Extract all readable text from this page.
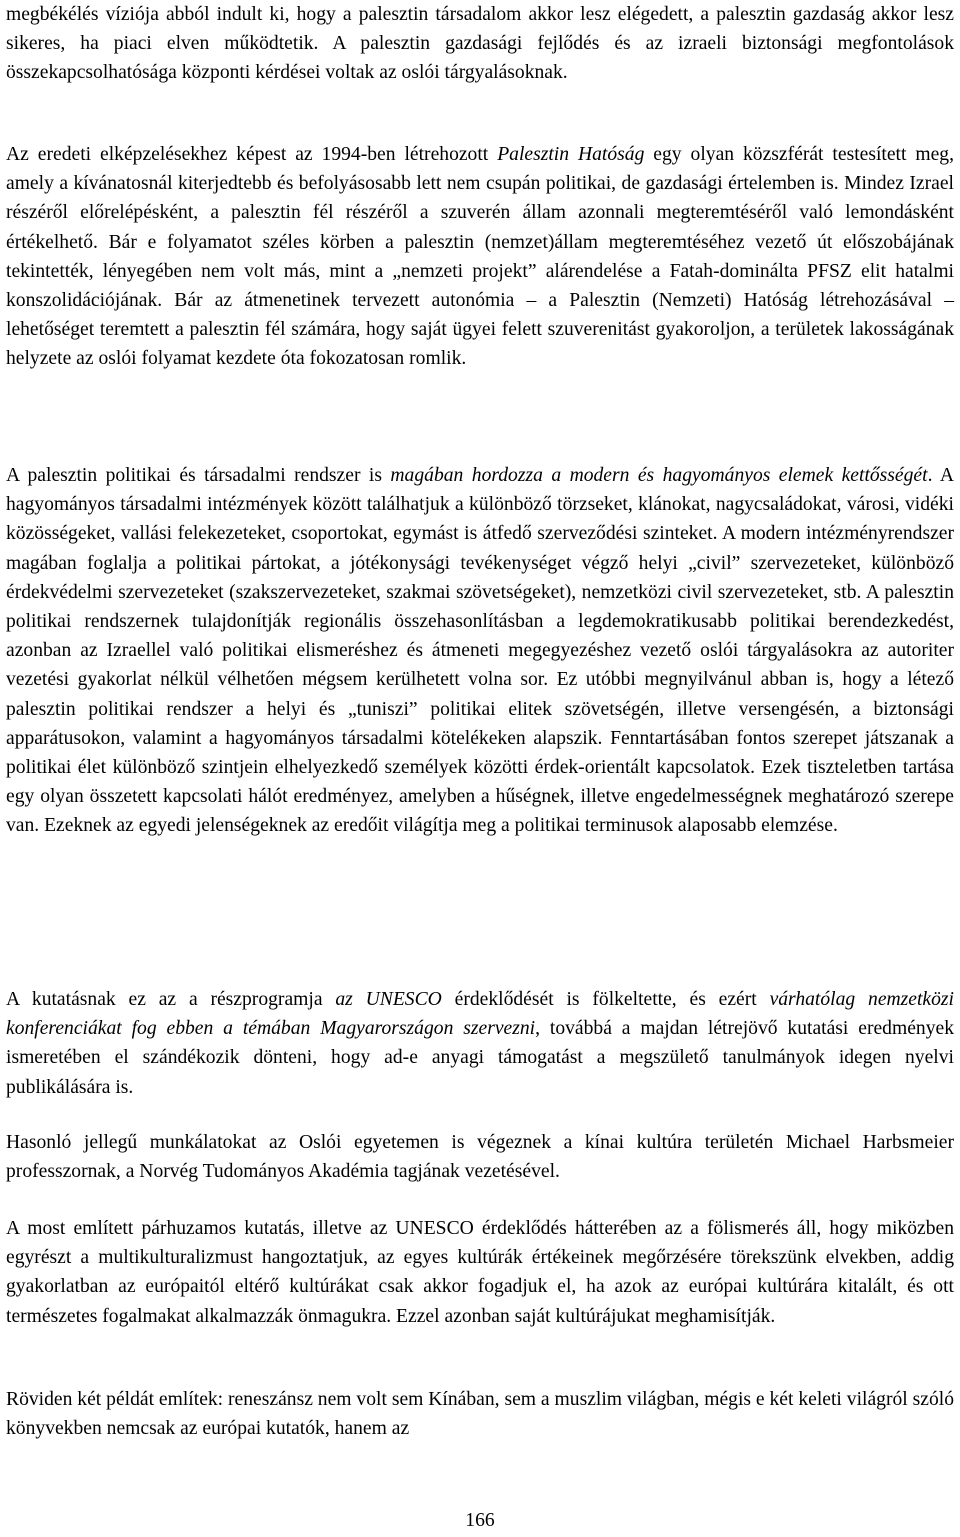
megbékélés víziója abból indult ki, hogy a palesztin társadalom akkor lesz elégedett, a palesztin gazdaság akkor lesz sikeres, ha piaci elven működtetik. A palesztin gazdasági fejlődés és az izraeli biztonsági megfontolások összekapcsolhatósága központi kérdései voltak az oslói tárgyalásoknak.

Az eredeti elképzelésekhez képest az 1994-ben létrehozott Palesztin Hatóság egy olyan közszférát testesített meg, amely a kívánatosnál kiterjedtebb és befolyásosabb lett nem csupán politikai, de gazdasági értelemben is. Mindez Izrael részéről előrelépésként, a palesztin fél részéről a szuverén állam azonnali megteremtéséről való lemondásként értékelhető. Bár e folyamatot széles körben a palesztin (nemzet)állam megteremtéséhez vezető út előszobájának tekintették, lényegében nem volt más, mint a „nemzeti projekt” alárendelése a Fatah-dominálta PFSZ elit hatalmi konszolidációjának. Bár az átmenetinek tervezett autonómia – a Palesztin (Nemzeti) Hatóság létrehozásával – lehetőséget teremtett a palesztin fél számára, hogy saját ügyei felett szuverenitást gyakoroljon, a területek lakosságának helyzete az oslói folyamat kezdete óta fokozatosan romlik.

A palesztin politikai és társadalmi rendszer is magában hordozza a modern és hagyományos elemek kettősségét. A hagyományos társadalmi intézmények között találhatjuk a különböző törzseket, klánokat, nagycsaládokat, városi, vidéki közösségeket, vallási felekezeteket, csoportokat, egymást is átfedő szerveződési szinteket. A modern intézményrendszer magában foglalja a politikai pártokat, a jótékonysági tevékenységet végző helyi „civil” szervezeteket, különböző érdekvédelmi szervezeteket (szakszervezeteket, szakmai szövetségeket), nemzetközi civil szervezeteket, stb. A palesztin politikai rendszernek tulajdonítják regionális összehasonlításban a legdemokratikusabb politikai berendezkedést, azonban az Izraellel való politikai elismeréshez és átmeneti megegyezéshez vezető oslói tárgyalásokra az autoriter vezetési gyakorlat nélkül vélhetően mégsem kerülhetett volna sor. Ez utóbbi megnyilvánul abban is, hogy a létező palesztin politikai rendszer a helyi és „tuniszi” politikai elitek szövetségén, illetve versengésén, a biztonsági apparátusokon, valamint a hagyományos társadalmi kötelékeken alapszik. Fenntartásában fontos szerepet játszanak a politikai élet különböző szintjein elhelyezkedő személyek közötti érdek-orientált kapcsolatok. Ezek tiszteletben tartása egy olyan összetett kapcsolati hálót eredményez, amelyben a hűségnek, illetve engedelmességnek meghatározó szerepe van. Ezeknek az egyedi jelenségeknek az eredőit világítja meg a politikai terminusok alaposabb elemzése.

A kutatásnak ez az a részprogramja az UNESCO érdeklődését is fölkeltette, és ezért várhatólag nemzetközi konferenciákat fog ebben a témában Magyarországon szervezni, továbbá a majdan létrejövő kutatási eredmények ismeretében el szándékozik dönteni, hogy ad-e anyagi támogatást a megszülető tanulmányok idegen nyelvi publikálására is.

Hasonló jellegű munkálatokat az Oslói egyetemen is végeznek a kínai kultúra területén Michael Harbsmeier professzornak, a Norvég Tudományos Akadémia tagjának vezetésével.

A most említett párhuzamos kutatás, illetve az UNESCO érdeklődés hátterében az a fölismerés áll, hogy miközben egyrészt a multikulturalizmust hangoztatjuk, az egyes kultúrák értékeinek megőrzésére törekszünk elvekben, addig gyakorlatban az európaitól eltérő kultúrákat csak akkor fogadjuk el, ha azok az európai kultúrára kitalált, és ott természetes fogalmakat alkalmazzák önmagukra. Ezzel azonban saját kultúrájukat meghamisítják.

Röviden két példát említek: reneszánsz nem volt sem Kínában, sem a muszlim világban, mégis e két keleti világról szóló könyvekben nemcsak az európai kutatók, hanem az

166
